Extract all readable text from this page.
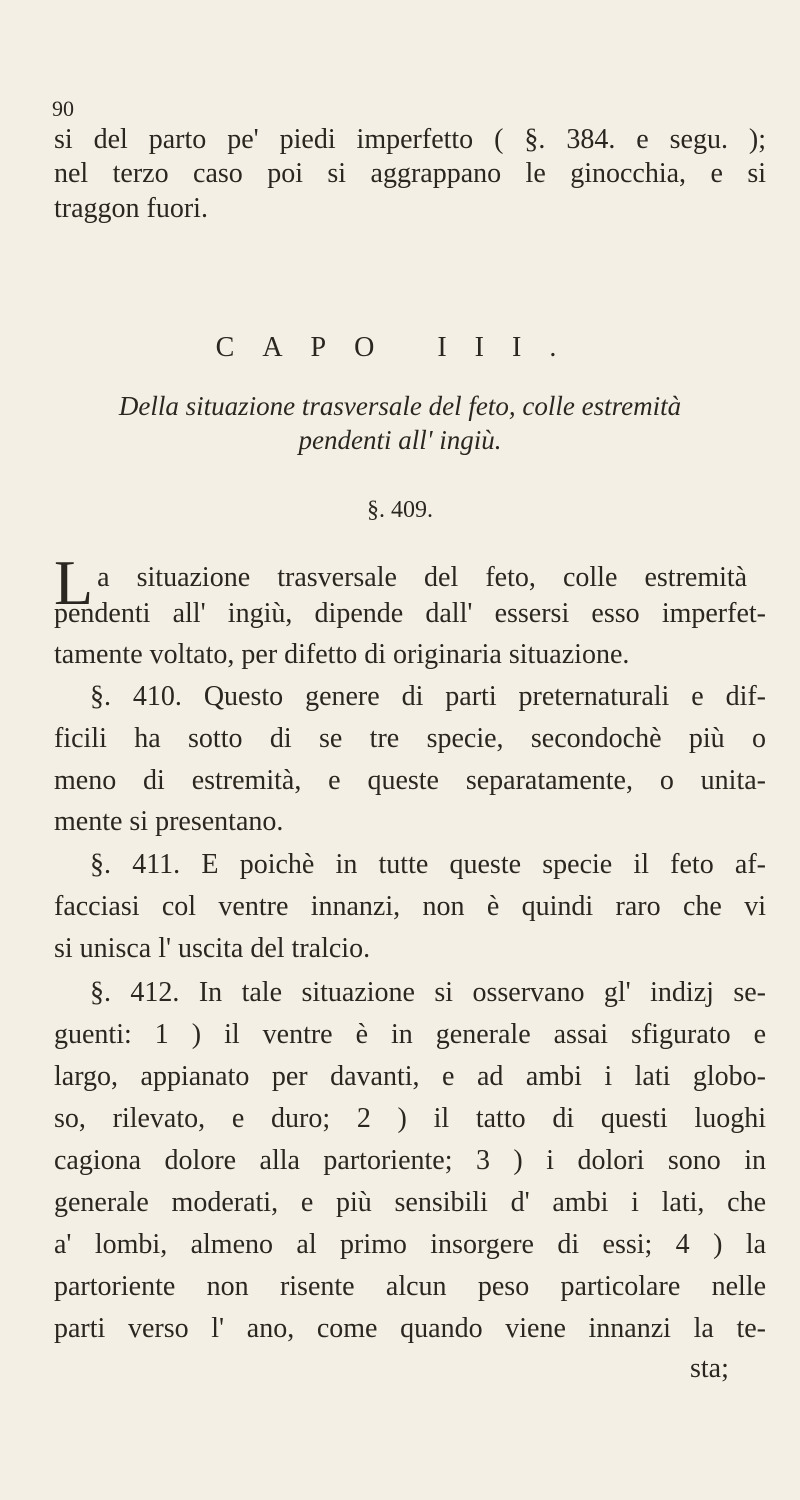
90
si del parto pe' piedi imperfetto ( §. 384. e segu. );
nel terzo caso poi si aggrappano le ginocchia, e si
traggon fuori.
CAPO III.
Della situazione trasversale del feto, colle estremità
pendenti all' ingiù.
§. 409.
L a situazione trasversale del feto, colle estremità
pendenti all' ingiù, dipende dall' essersi esso imperfet-
tamente voltato, per difetto di originaria situazione.
§. 410. Questo genere di parti preternaturali e dif-
ficili ha sotto di se tre specie, secondochè più o
meno di estremità, e queste separatamente, o unita-
mente si presentano.
§. 411. E poichè in tutte queste specie il feto af-
facciasi col ventre innanzi, non è quindi raro che vi
si unisca l' uscita del tralcio.
§. 412. In tale situazione si osservano gl' indizj se-
guenti: 1 ) il ventre è in generale assai sfigurato e
largo, appianato per davanti, e ad ambi i lati globo-
so, rilevato, e duro; 2 ) il tatto di questi luoghi
cagiona dolore alla partoriente; 3 ) i dolori sono in
generale moderati, e più sensibili d' ambi i lati, che
a' lombi, almeno al primo insorgere di essi; 4 ) la
partoriente non risente alcun peso particolare nelle
parti verso l' ano, come quando viene innanzi la te-
sta;
